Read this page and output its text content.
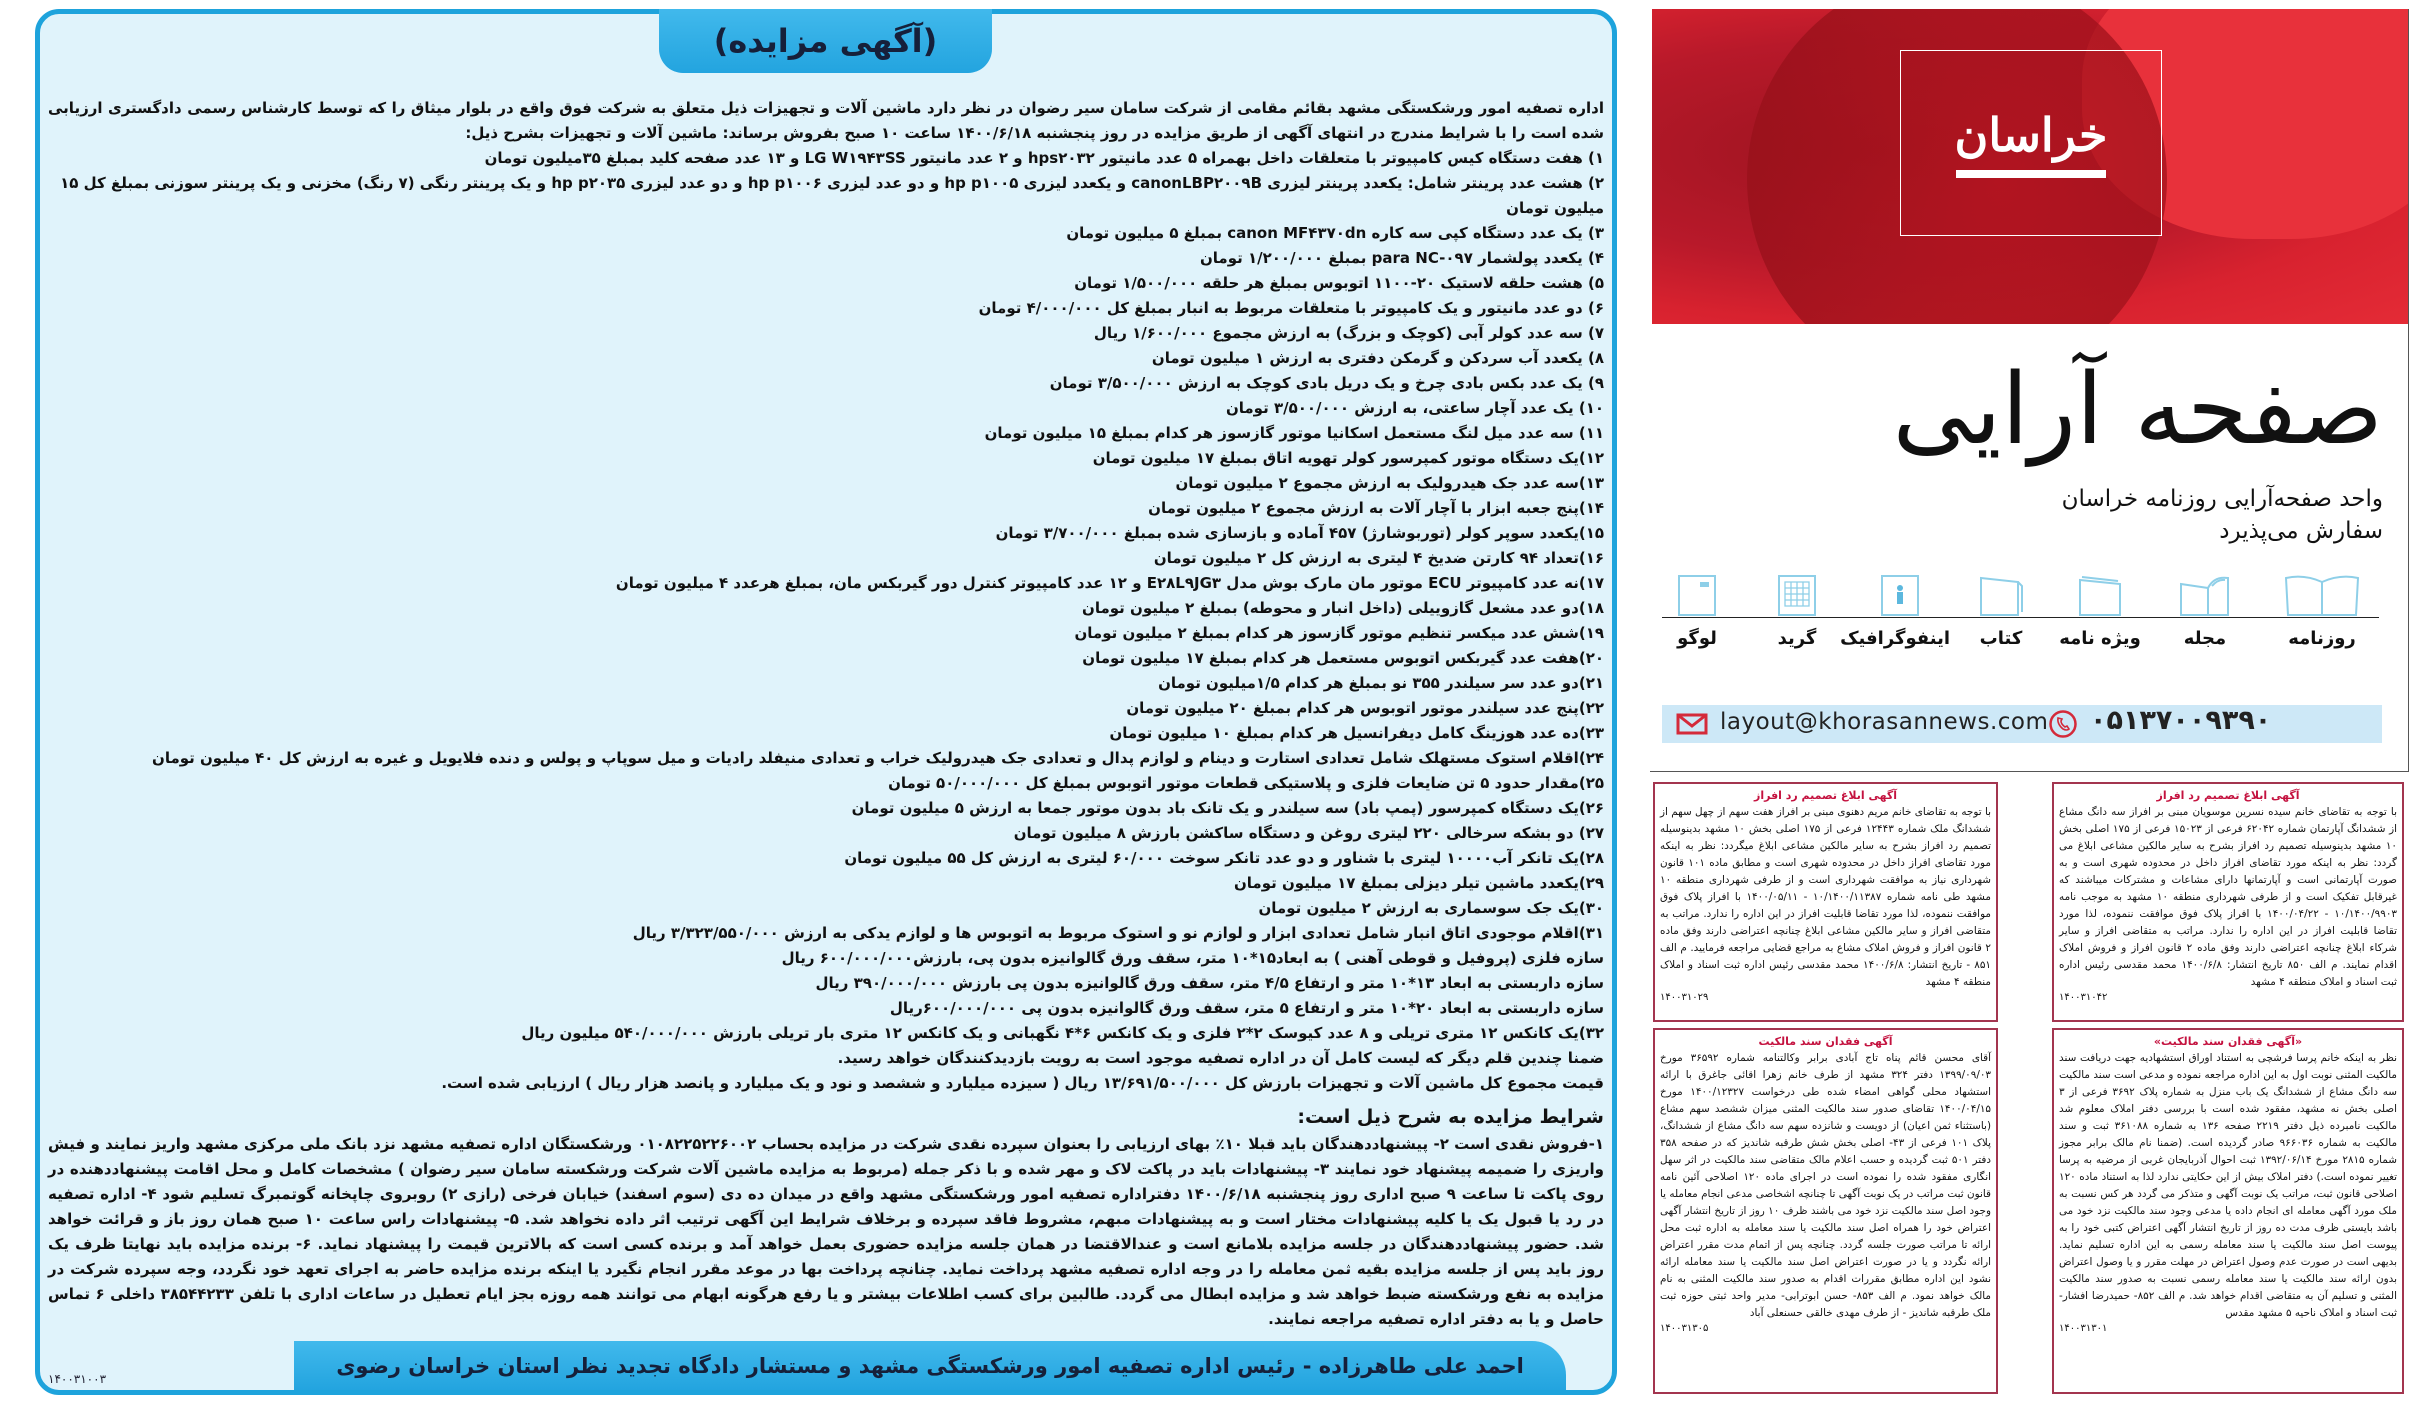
(آگهی مزایده)
اداره تصفیه امور ورشکستگی مشهد بقائم مقامی از شرکت سامان سیر رضوان در نظر دارد ماشین آلات و تجهیزات ذیل متعلق به شرکت فوق واقع در بلوار میثاق را که توسط کارشناس رسمی دادگستری ارزیابی شده است را با شرایط مندرج در انتهای آگهی از طریق مزایده در روز پنجشنبه ۱۴۰۰/۶/۱۸ ساعت ۱۰ صبح بفروش برساند: ماشین آلات و تجهیزات بشرح ذیل:
۱) هفت دستگاه کیس کامپیوتر با متعلقات داخل بهمراه ۵ عدد مانیتور hps۲۰۳۲ و ۲ عدد مانیتور LG W۱۹۴۳SS و ۱۳ عدد صفحه کلید بمبلغ ۳۵میلیون تومان
۲) هشت عدد پرینتر شامل: یکعدد پرینتر لیزری canonLBP۲۰۰۹B و یکعدد لیزری hp p۱۰۰۵ و دو عدد لیزری hp p۱۰۰۶ و دو عدد لیزری hp p۲۰۳۵ و یک پرینتر رنگی (۷ رنگ) مخزنی و یک پرینتر سوزنی بمبلغ کل ۱۵ میلیون تومان
۳) یک عدد دستگاه کپی سه کاره canon MF۴۳۷۰dn بمبلغ ۵ میلیون تومان
۴) یکعدد پولشمار para NC-۰۹۷ بمبلغ ۱/۲۰۰/۰۰۰ تومان
۵) هشت حلقه لاستیک ۲۰-۱۱۰۰ اتوبوس بمبلغ هر حلقه ۱/۵۰۰/۰۰۰ تومان
۶) دو عدد مانیتور و یک کامپیوتر با متعلقات مربوط به انبار بمبلغ کل ۴/۰۰۰/۰۰۰ تومان
۷) سه عدد کولر آبی (کوچک و بزرگ) به ارزش مجموع ۱/۶۰۰/۰۰۰ ریال
۸) یکعدد آب سردکن و گرمکن دفتری به ارزش ۱ میلیون تومان
۹) یک عدد بکس بادی چرخ و یک دریل بادی کوچک به ارزش ۳/۵۰۰/۰۰۰ تومان
۱۰) یک عدد آچار ساعتی، به ارزش ۳/۵۰۰/۰۰۰ تومان
۱۱) سه عدد میل لنگ مستعمل اسکانیا موتور گازسوز هر کدام بمبلغ ۱۵ میلیون تومان
۱۲)یک دستگاه موتور کمپرسور کولر تهویه اتاق بمبلغ ۱۷ میلیون تومان
۱۳)سه عدد جک هیدرولیک به ارزش مجموع ۲ میلیون تومان
۱۴)پنج جعبه ابزار با آچار آلات به ارزش مجموع ۲ میلیون تومان
۱۵)یکعدد سوپر کولر (توربوشارژ) ۴۵۷ آماده و بازسازی شده بمبلغ ۳/۷۰۰/۰۰۰ تومان
۱۶)تعداد ۹۴ کارتن ضدیخ ۴ لیتری به ارزش کل ۲ میلیون تومان
۱۷)نه عدد کامپیوتر ECU موتور مان مارک بوش مدل E۲۸L۹JG۳ و ۱۲ عدد کامپیوتر کنترل دور گیربکس مان، بمبلغ هرعدد ۴ میلیون تومان
۱۸)دو عدد مشعل گازوییلی (داخل انبار و محوطه) بمبلغ ۲ میلیون تومان
۱۹)شش عدد میکسر تنظیم موتور گازسوز هر کدام بمبلغ ۲ میلیون تومان
۲۰)هفت عدد گیربکس اتوبوس مستعمل هر کدام بمبلغ ۱۷ میلیون تومان
۲۱)دو عدد سر سیلندر ۳۵۵ نو بمبلغ هر کدام ۱/۵میلیون تومان
۲۲)پنج عدد سیلندر موتور اتوبوس هر کدام بمبلغ ۲۰ میلیون تومان
۲۳)ده عدد هوزینگ کامل دیفرانسیل هر کدام بمبلغ ۱۰ میلیون تومان
۲۴)اقلام استوک مستهلک شامل تعدادی استارت و دینام و لوازم پدال و تعدادی جک هیدرولیک خراب و تعدادی منیفلد رادیات و میل سوپاپ و پولس و دنده فلایویل و غیره به ارزش کل ۴۰ میلیون تومان
۲۵)مقدار حدود ۵ تن ضایعات فلزی و پلاستیکی قطعات موتور اتوبوس بمبلغ کل ۵۰/۰۰۰/۰۰۰ تومان
۲۶)یک دستگاه کمپرسور (پمپ باد) سه سیلندر و یک تانک باد بدون موتور جمعا به ارزش ۵ میلیون تومان
۲۷) دو بشکه سرخالی ۲۲۰ لیتری روغن و دستگاه ساکشن بارزش ۸ میلیون تومان
۲۸)یک تانکر آب۱۰۰۰۰ لیتری با شناور و دو عدد تانکر سوخت ۶۰/۰۰۰ لیتری به ارزش کل ۵۵ میلیون تومان
۲۹)یکعدد ماشین تیلر دیزلی بمبلغ ۱۷ میلیون تومان
۳۰)یک جک سوسماری به ارزش ۲ میلیون تومان
۳۱)اقلام موجودی اتاق انبار شامل تعدادی ابزار و لوازم نو و استوک مربوط به اتوبوس ها و لوازم یدکی به ارزش ۳/۳۲۳/۵۵۰/۰۰۰ ریال
سازه فلزی (پروفیل و قوطی آهنی ) به ابعاد۱۵*۱۰ متر، سقف ورق گالوانیزه بدون پی، بارزش۶۰۰/۰۰۰/۰۰۰ ریال
سازه داربستی به ابعاد ۱۳*۱۰ متر و ارتفاع ۴/۵ متر، سقف ورق گالوانیزه بدون پی بارزش ۳۹۰/۰۰۰/۰۰۰ ریال
سازه داربستی به ابعاد ۲۰*۱۰ متر و ارتفاع ۵ متر، سقف ورق گالوانیزه بدون پی ۶۰۰/۰۰۰/۰۰۰ریال
۳۲)یک کانکس ۱۲ متری تریلی و ۸ عدد کیوسک ۲*۲ فلزی و یک کانکس ۶*۴ نگهبانی و یک کانکس ۱۲ متری بار تریلی بارزش ۵۴۰/۰۰۰/۰۰۰ میلیون ریال
ضمنا چندین قلم دیگر که لیست کامل آن در اداره تصفیه موجود است به رویت بازدیدکنندگان خواهد رسید.
قیمت مجموع کل ماشین آلات و تجهیزات بارزش کل ۱۳/۶۹۱/۵۰۰/۰۰۰ ریال ( سیزده میلیارد و ششصد و نود و یک میلیارد و پانصد هزار ریال ) ارزیابی شده است.
شرایط مزایده به شرح ذیل است:
۱-فروش نقدی است ۲- پیشنهاددهندگان باید قبلا ۱۰٪ بهای ارزیابی را بعنوان سپرده نقدی شرکت در مزایده بحساب ۰۱۰۸۲۲۵۲۲۶۰۰۲ ورشکستگان اداره تصفیه مشهد نزد بانک ملی مرکزی مشهد واریز نمایند و فیش واریزی را ضمیمه پیشنهاد خود نمایند ۳- پیشنهادات باید در پاکت لاک و مهر شده و با ذکر جمله (مربوط به مزایده ماشین آلات شرکت ورشکسته سامان سیر رضوان ) مشخصات کامل و محل اقامت پیشنهاددهنده در روی پاکت تا ساعت ۹ صبح اداری روز پنجشنبه ۱۴۰۰/۶/۱۸ دفتراداره تصفیه امور ورشکستگی مشهد واقع در میدان ده دی (سوم اسفند) خیابان فرخی (رازی ۲) روبروی چاپخانه گوتمبرگ تسلیم شود ۴- اداره تصفیه در رد یا قبول یک یا کلیه پیشنهادات مختار است و به پیشنهادات مبهم، مشروط فاقد سپرده و برخلاف شرایط این آگهی ترتیب اثر داده نخواهد شد. ۵- پیشنهادات راس ساعت ۱۰ صبح همان روز باز و قرائت خواهد شد. حضور پیشنهاددهندگان در جلسه مزایده بلامانع است و عندالاقتضا در همان جلسه مزایده حضوری بعمل خواهد آمد و برنده کسی است که بالاترین قیمت را پیشنهاد نماید. ۶- برنده مزایده باید نهایتا ظرف یک روز باید پس از جلسه مزایده بقیه ثمن معامله را در وجه اداره تصفیه مشهد پرداخت نماید. چنانچه پرداخت بها در موعد مقرر انجام نگیرد یا اینکه برنده مزایده حاضر به اجرای تعهد خود نگردد، وجه سپرده شرکت در مزایده به نفع ورشکسته ضبط خواهد شد و مزایده ابطال می گردد. طالبین برای کسب اطلاعات بیشتر و یا رفع هرگونه ابهام می توانند همه روزه بجز ایام تعطیل در ساعات اداری با تلفن ۳۸۵۴۴۲۳۳ داخلی ۶ تماس حاصل و یا به دفتر اداره تصفیه مراجعه نمایند.
احمد علی طاهرزاده - رئیس اداره تصفیه امور ورشکستگی مشهد و مستشار دادگاه تجدید نظر استان خراسان رضوی
۱۴۰۰۳۱۰۰۳
خراسان
صفحه آرایی
واحد صفحه‌آرایی روزنامه خراسان
سفارش می‌پذیرد
روزنامه
مجله
ویژه نامه
کتاب
اینفوگرافیک
گرید
لوگو
layout@khorasannews.com ۰۵۱۳۷۰۰۹۳۹۰
آگهی ابلاغ تصمیم رد افراز
با توجه به تقاضای خانم سیده نسرین موسویان مبنی بر افراز سه دانگ مشاع از ششدانگ آپارتمان شماره ۶۲۰۴۲ فرعی از ۱۵۰۲۳ فرعی از ۱۷۵ اصلی بخش ۱۰ مشهد بدینوسیله تصمیم رد افراز بشرح به سایر مالکین مشاعی ابلاغ می گردد: نظر به اینکه مورد تقاضای افراز داخل در محدوده شهری است و به صورت آپارتمانی است و آپارتمانها دارای مشاعات و مشترکات میباشند که غیرقابل تفکیک است و از طرفی شهرداری منطقه ۱۰ مشهد به موجب نامه ۱۰/۱۴۰۰/۹۹۰۳ - ۱۴۰۰/۰۴/۲۲ با افراز پلاک فوق موافقت ننموده، لذا مورد تقاضا قابلیت افراز در این اداره را ندارد. مراتب به متقاضی افراز و سایر شرکاء ابلاغ چنانچه اعتراضی دارند وفق ماده ۲ قانون افراز و فروش املاک اقدام نمایند. م الف ۸۵۰ تاریخ انتشار: ۱۴۰۰/۶/۸ محمد مقدسی رئیس اداره ثبت اسناد و املاک منطقه ۴ مشهد
۱۴۰۰۳۱۰۴۲
آگهی ابلاغ تصمیم رد افراز
با توجه به تقاضای خانم مریم دهنوی مبنی بر افراز هفت سهم از چهل سهم از ششدانگ ملک شماره ۱۲۴۴۳ فرعی از ۱۷۵ اصلی بخش ۱۰ مشهد بدینوسیله تصمیم رد افراز بشرح به سایر مالکین مشاعی ابلاغ میگردد: نظر به اینکه مورد تقاضای افراز داخل در محدوده شهری است و مطابق ماده ۱۰۱ قانون شهرداری نیاز به موافقت شهرداری است و از طرفی شهرداری منطقه ۱۰ مشهد طی نامه شماره ۱۰/۱۴۰۰/۱۱۳۸۷ - ۱۴۰۰/۰۵/۱۱ با افراز پلاک فوق موافقت ننموده، لذا مورد تقاضا قابلیت افراز در این اداره را ندارد. مراتب به متقاضی افراز و سایر مالکین مشاعی ابلاغ چنانچه اعتراضی دارند وفق ماده ۲ قانون افراز و فروش املاک مشاع به مراجع قضایی مراجعه فرمایید. م الف ۸۵۱ - تاریخ انتشار: ۱۴۰۰/۶/۸ محمد مقدسی رئیس اداره ثبت اسناد و املاک منطقه ۴ مشهد
۱۴۰۰۳۱۰۲۹
«آگهی فقدان سند مالکیت»
نظر به اینکه خانم پرسا فرشچی به استناد اوراق استشهادیه جهت دریافت سند مالکیت المثنی نوبت اول به این اداره مراجعه نموده و مدعی است سند مالکیت سه دانگ مشاع از ششدانگ یک باب منزل به شماره پلاک ۳۶۹۲ فرعی از ۳ اصلی بخش نه مشهد، مفقود شده است با بررسی دفتر املاک معلوم شد مالکیت نامبرده ذیل دفتر ۲۲۱۹ صفحه ۱۳۶ به شماره ۳۶۱۰۸۸ ثبت و سند مالکیت به شماره ۹۶۶۰۳۶ صادر گردیده است. (ضمنا نام مالک برابر مجوز شماره ۲۸۱۵ مورخ ۱۳۹۲/۰۶/۱۴ ثبت احوال آذربایجان غربی از مرضیه به پرسا تغییر نموده است.) دفتر املاک بیش از این حکایتی ندارد لذا به استناد ماده ۱۲۰ اصلاحی قانون ثبت، مراتب یک نوبت آگهی و متذکر می گردد هر کس نسبت به ملک مورد آگهی معامله ای انجام داده یا مدعی وجود سند مالکیت نزد خود می باشد بایستی ظرف مدت ده روز از تاریخ انتشار آگهی اعتراض کتبی خود را به پیوست اصل سند مالکیت یا سند معامله رسمی به این اداره تسلیم نماید. بدیهی است در صورت عدم وصول اعتراض در مهلت مقرر و یا وصول اعتراض بدون ارائه سند مالکیت یا سند معامله رسمی نسبت به صدور سند مالکیت المثنی و تسلیم آن به متقاضی اقدام خواهد شد. م الف ۸۵۲- حمیدرضا افشار- ثبت اسناد و املاک ناحیه ۵ مشهد مقدس
۱۴۰۰۳۱۳۰۱
آگهی فقدان سند مالکیت
آقای محسن قائم پناه تاج آبادی برابر وکالتنامه شماره ۳۶۵۹۲ مورخ ۱۳۹۹/۰۹/۰۳ دفتر ۳۲۴ مشهد از طرف خانم زهرا اقائی جاغرق با ارائه استشهاد محلی گواهی امضاء شده طی درخواست ۱۴۰۰/۱۲۳۲۷ مورخ ۱۴۰۰/۰۴/۱۵ تقاضای صدور سند مالکیت المثنی میزان ششصد سهم مشاع (باستثناء ثمن اعیان) از دویست و شانزده سهم سه دانگ مشاع از ششدانگ، پلاک ۱۰۱ فرعی از ۴۳- اصلی بخش شش طرقبه شاندیز که در صفحه ۳۵۸ دفتر ۵۰۱ ثبت گردیده و حسب اعلام مالک متقاضی سند مالکیت در اثر سهل انگاری مفقود شده را نموده است در اجرای ماده ۱۲۰ اصلاحی آئین نامه قانون ثبت مراتب در یک نوبت آگهی تا چنانچه اشخاصی مدعی انجام معامله یا وجود اصل سند مالکیت نزد خود می باشند ظرف ۱۰ روز از تاریخ انتشار آگهی اعتراض خود را همراه اصل سند مالکیت یا سند معامله به اداره ثبت محل ارائه تا مراتب صورت جلسه گردد. چنانچه پس از اتمام مدت مقرر اعتراض ارائه نگردد و یا در صورت اعتراض اصل سند مالکیت یا سند معامله ارائه نشود این اداره مطابق مقررات اقدام به صدور سند مالکیت المثنی به نام مالک خواهد نمود. م الف ۸۵۳- حسن ابوترابی- مدیر واحد ثبتی حوزه ثبت ملک طرقبه شاندیز - از طرف مهدی خالقی حسنعلی آباد
۱۴۰۰۳۱۳۰۵
